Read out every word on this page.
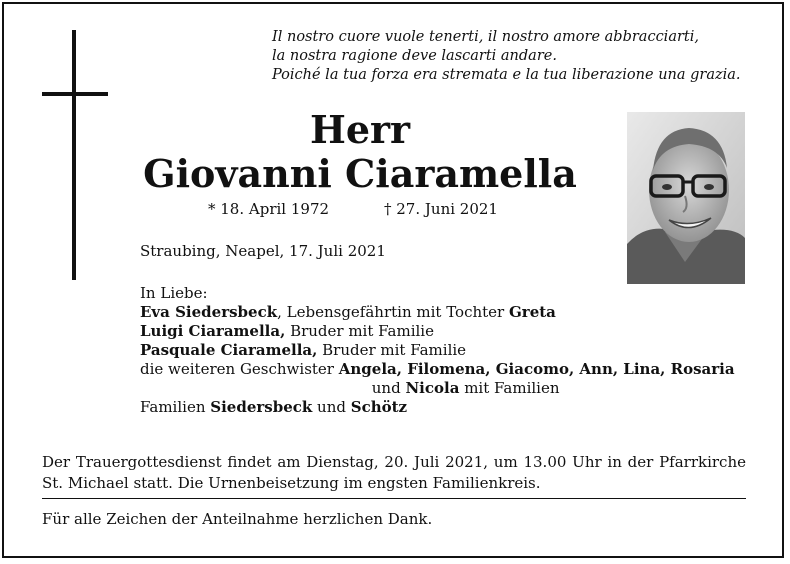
Il nostro cuore vuole tenerti, il nostro amore abbracciarti,
la nostra ragione deve lascarti andare.
Poiché la tua forza era stremata e la tua liberazione una grazia.
Herr
Giovanni Ciaramella
* 18. April 1972	† 27. Juni 2021
Straubing, Neapel, 17. Juli 2021
In Liebe:
Eva Siedersbeck, Lebensgefährtin mit Tochter Greta
Luigi Ciaramella, Bruder mit Familie
Pasquale Ciaramella, Bruder mit Familie
die weiteren Geschwister Angela, Filomena, Giacomo, Ann, Lina, Rosaria
und Nicola mit Familien
Familien Siedersbeck und Schötz
Der Trauergottesdienst findet am Dienstag, 20. Juli 2021, um 13.00 Uhr in der Pfarrkirche St. Michael statt. Die Urnenbeisetzung im engsten Familienkreis.
Für alle Zeichen der Anteilnahme herzlichen Dank.
